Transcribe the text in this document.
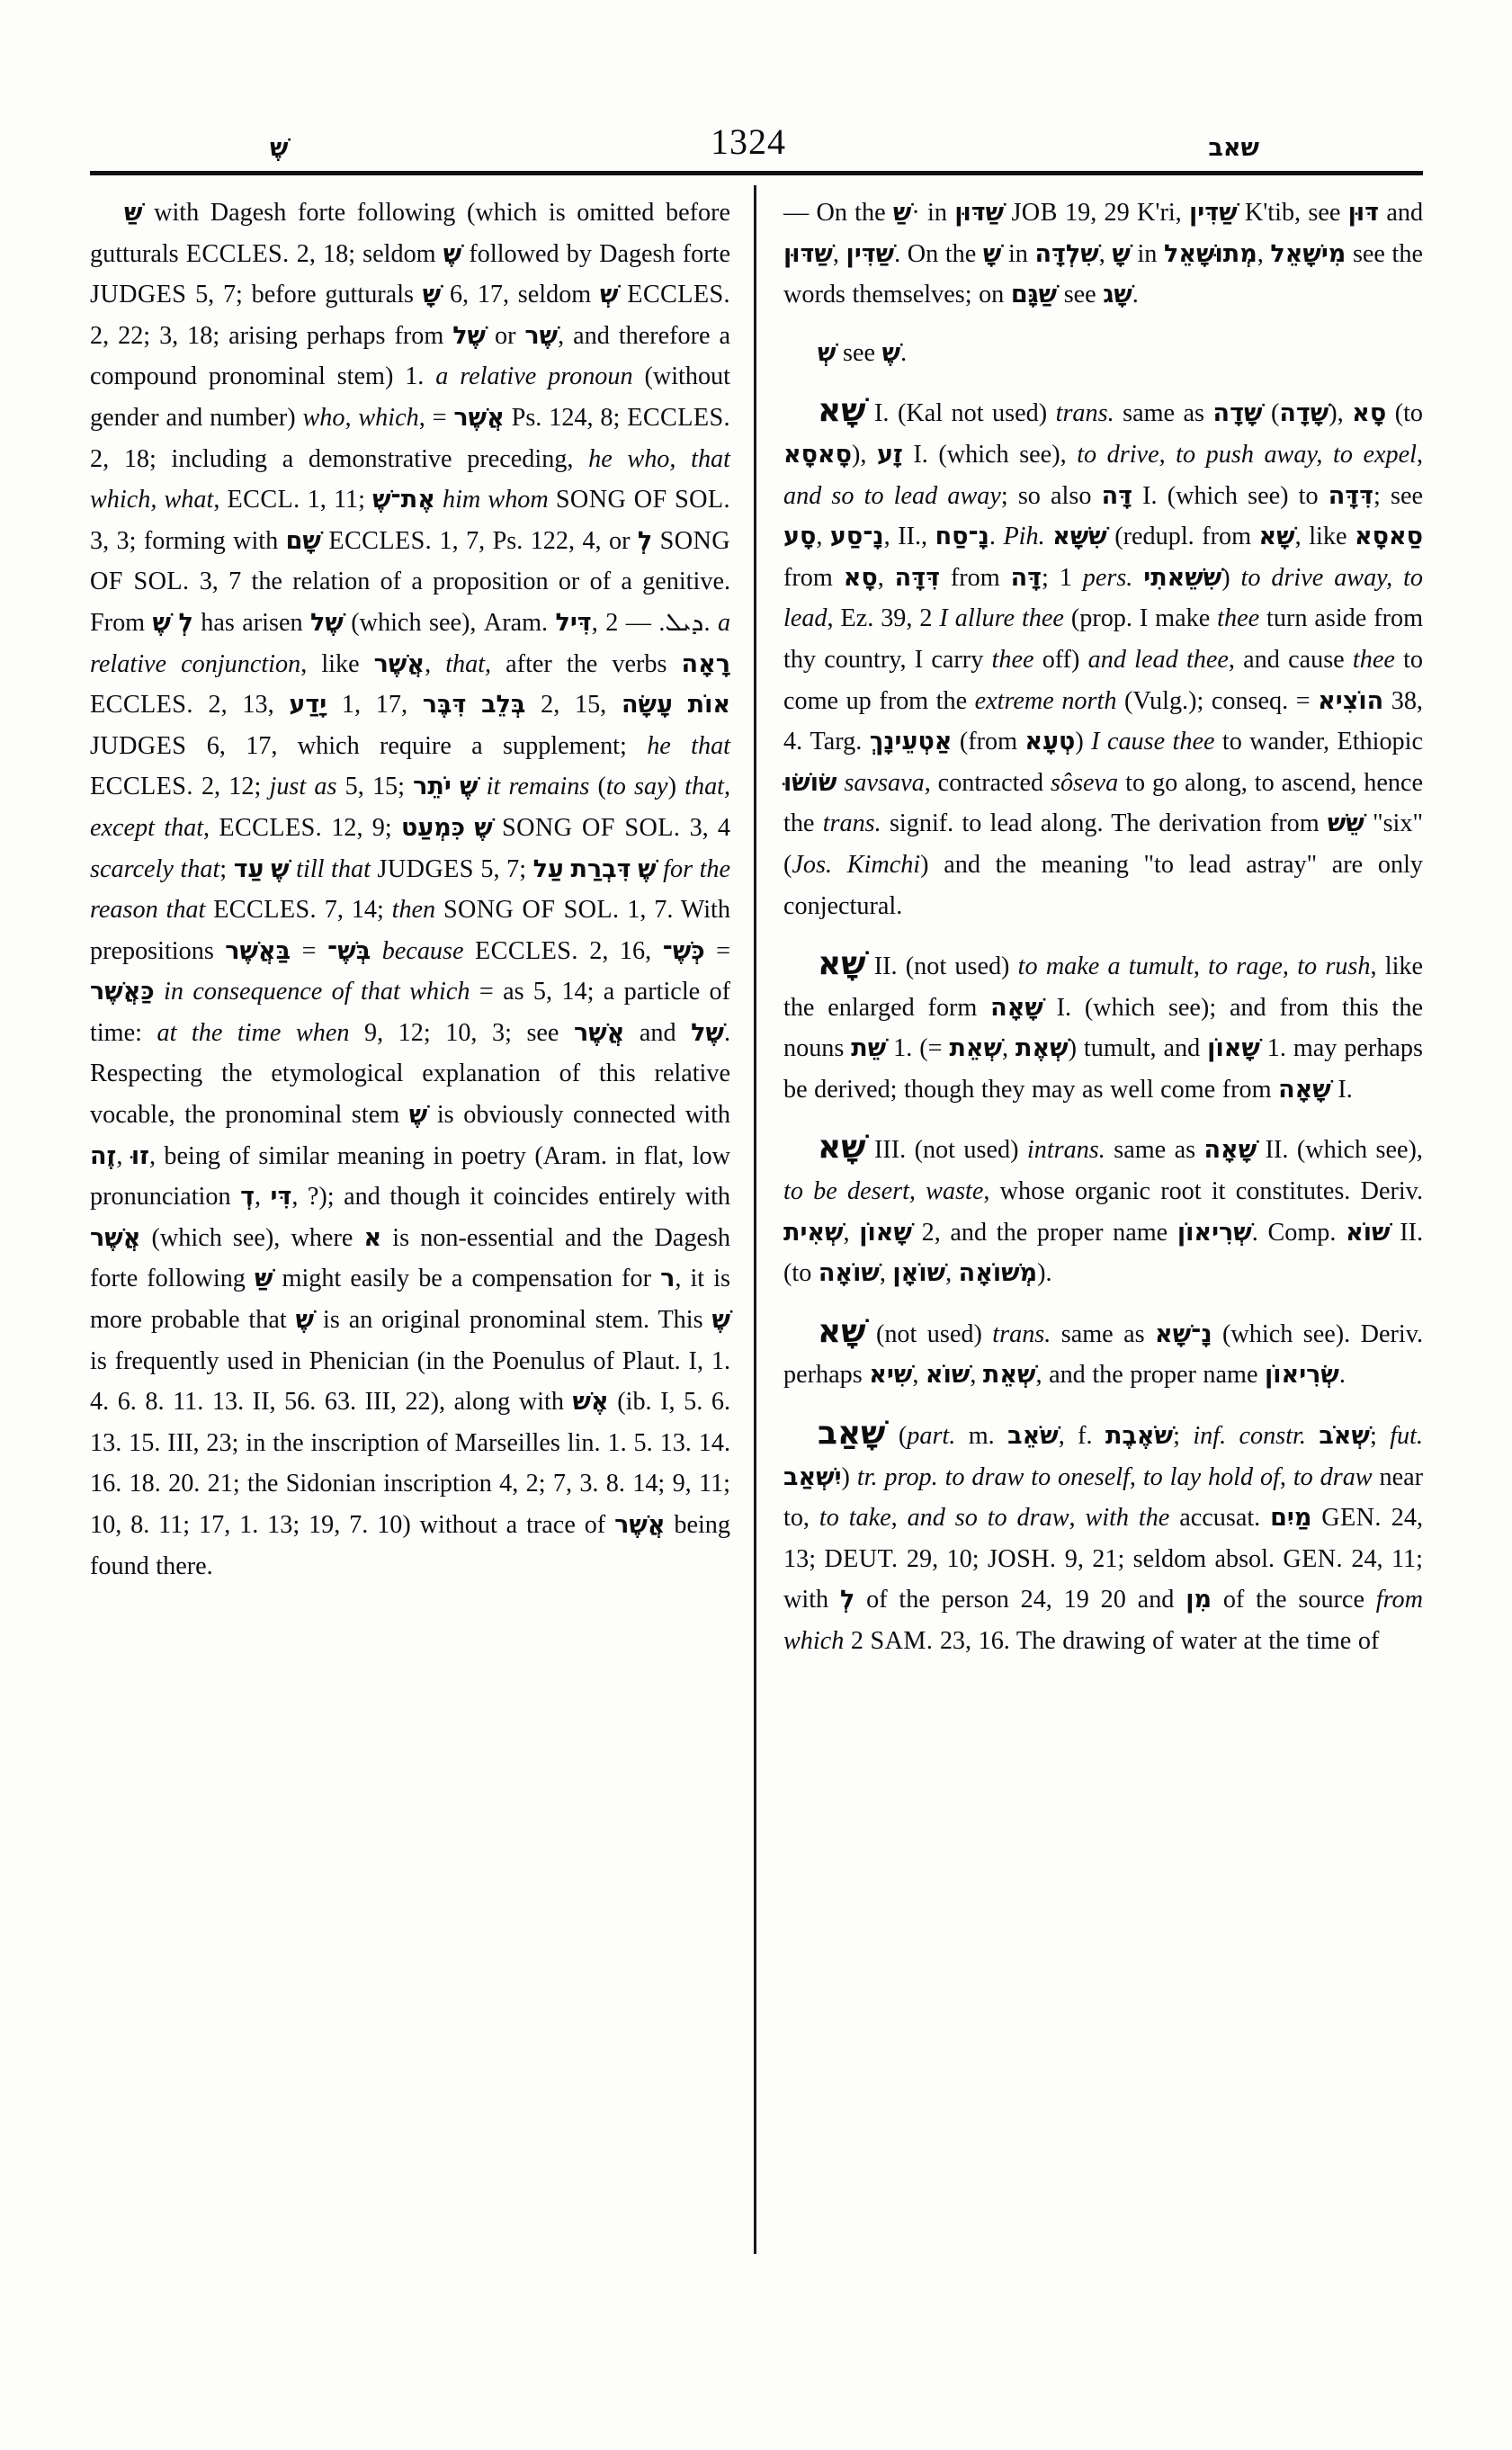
שֶׁ	1324	שאב

שַּׁ with Dagesh forte following (which is omitted before gutturals ECCLES. 2, 18; seldom שֶׁ followed by Dagesh forte JUDGES 5, 7; before gutturals שָׁ 6, 17, seldom שְׁ ECCLES. 2, 22; 3, 18; arising perhaps from שֶׁל or שֶׁר, and therefore a compound pronominal stem) 1. a relative pronoun (without gender and number) who, which, = אֲשֶׁר Ps. 124, 8; ECCLES. 2, 18; including a demonstrative preceding, he who, that which, what, ECCL. 1, 11; אֶת־שֶׁ him whom SONG OF SOL. 3, 3; forming with שָׁם ECCLES. 1, 7, Ps. 122, 4, or לְ SONG OF SOL. 3, 7 the relation of a proposition or of a genitive. From שֶׁ לְ has arisen שֶׁל (which see), Aram. דִּיל, ܕܝܠ. — 2. a relative conjunction, like אֲשֶׁר, that, after the verbs רָאָה ECCLES. 2, 13, יָדַע 1, 17, דִּבֶּר בְּלֵב 2, 15, עָשָׂה אוֹת JUDGES 6, 17, which require a supplement; he that ECCLES. 2, 12; just as 5, 15; יֹתֵר שֶׁ it remains (to say) that, except that, ECCLES. 12, 9; כִּמְעַט שֶׁ SONG OF SOL. 3, 4 scarcely that; עַד שֶׁ till that JUDGES 5, 7; עַל דִּבְרַת שֶׁ for the reason that ECCLES. 7, 14; then SONG OF SOL. 1, 7. With prepositions בַּאֲשֶׁר = בְּשֶׁ־ because ECCLES. 2, 16, כְּשֶׁ־ = כַּאֲשֶׁר in consequence of that which = as 5, 14; a particle of time: at the time when 9, 12; 10, 3; see אֲשֶׁר and שֶׁל. Respecting the etymological explanation of this relative vocable, the pronominal stem שֶׁ is obviously connected with זֶה, זוּ, being of similar meaning in poetry (Aram. in flat, low pronunciation דְ, דִּי, ?); and though it coincides entirely with אֲשֶׁר (which see), where א is non-essential and the Dagesh forte following שַּׁ might easily be a compensation for ר, it is more probable that שֶׁ is an original pronominal stem. This שֶׁ is frequently used in Phenician (in the Poenulus of Plaut. I, 1. 4. 6. 8. 11. 13. II, 56. 63. III, 22), along with אֶשׁ (ib. I, 5. 6. 13. 15. III, 23; in the inscription of Marseilles lin. 1. 5. 13. 14. 16. 18. 20. 21; the Sidonian inscription 4, 2; 7, 3. 8. 14; 9, 11; 10, 8. 11; 17, 1. 13; 19, 7. 10) without a trace of אֲשֶׁר being found there.

— On the שַׁ· in שַׁדּוּן JOB 19, 29 K'ri, שַׁדִּין K'tib, see דּוּן and שַׁדּוּן, שַׁדִּין. On the שָׁ in שִׁלְדָּה, שָׁ in מְתוּשָׁאֵל, מִישָׁאֵל see the words themselves; on שַׁגָּם see שָׁג.

שְׁ see שֶׁ.

שָׁא I. (Kal not used) trans. same as שָׁדָה (שָׁדָה), סָא (to סָאסָא), זָע I. (which see), to drive, to push away, to expel, and so to lead away; so also דָּה I. (which see) to דִּדָּה; see סָע, נָ־סַע, II., נָ־סַח. Pih. שִׁשָּׁא (redupl. from שָׁא, like סַאסָא from סָא, דִּדָּה from דָּה; 1 pers. שִׁשֵׁאתִי) to drive away, to lead, Ez. 39, 2 I allure thee (prop. I make thee turn aside from thy country, I carry thee off) and lead thee, and cause thee to come up from the extreme north (Vulg.); conseq. = הוֹצִיא 38, 4. Targ. אַטְעֵינָךְ (from טְעָא) I cause thee to wander, Ethiopic שׂוֹשׂוּ savsava, contracted sôseva to go along, to ascend, hence the trans. signif. to lead along. The derivation from שֵׁשׁ "six" (Jos. Kimchi) and the meaning "to lead astray" are only conjectural.

שָׁא II. (not used) to make a tumult, to rage, to rush, like the enlarged form שָׁאָה I. (which see); and from this the nouns שֵׁת 1. (= שְׁאֵת, שְׁאֶת) tumult, and שָׁאוֹן 1. may perhaps be derived; though they may as well come from שָׁאָה I.

שָׁא III. (not used) intrans. same as שָׁאָה II. (which see), to be desert, waste, whose organic root it constitutes. Deriv. שְׁאִית, שָׁאוֹן 2, and the proper name שְׁרִיאוֹן. Comp. שׁוֹא II. (to שׁוֹאָה, שׁוֹאָן, מְשׁוֹאָה).

שָׁא (not used) trans. same as נָ־שָׁא (which see). Deriv. perhaps שִׁיא, שׁוֹא, שְׁאֵת, and the proper name שְׂרִיאוֹן.

שָׁאַב (part. m. שֹׁאֵב, f. שֹׁאֶבֶת; inf. constr. שְׁאֹב; fut. יִשְׁאַב) tr. prop. to draw to oneself, to lay hold of, to draw near to, to take, and so to draw, with the accusat. מַיִם GEN. 24, 13; DEUT. 29, 10; JOSH. 9, 21; seldom absol. GEN. 24, 11; with לְ of the person 24, 19 20 and מִן of the source from which 2 SAM. 23, 16. The drawing of water at the time of
